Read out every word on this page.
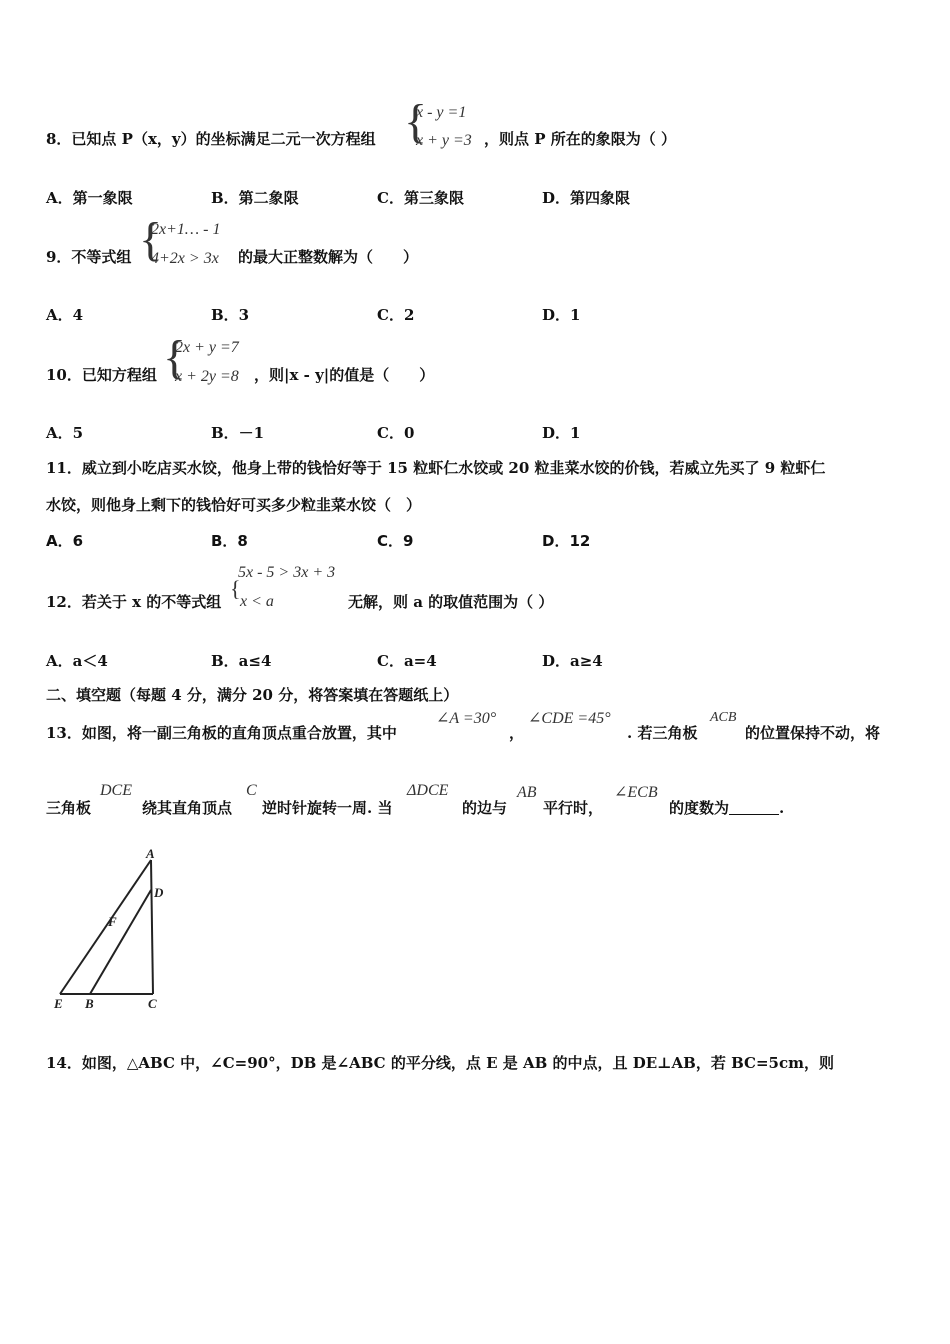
8．已知点 P（x，y）的坐标满足二元一次方程组 {
x - y =1
x + y =3 ，则点 P 所在的象限为（ ）
A．第一象限	B．第二象限	C．第三象限	D．第四象限
9．不等式组 {
2x+1… - 1
4+2x > 3x 的最大正整数解为（　　）
A．4	B．3	C．2	D．1
10．已知方程组 {
2x + y =7
x + 2y =8 ，则|x - y|的值是（　　）
A．5	B．－1	C．0	D．1
11．威立到小吃店买水饺，他身上带的钱恰好等于 15 粒虾仁水饺或 20 粒韭菜水饺的价钱，若威立先买了 9 粒虾仁
水饺，则他身上剩下的钱恰好可买多少粒韭菜水饺（　）
A．6	B．8	C．9	D．12
12．若关于 x 的不等式组
{
5x - 5 > 3x + 3
x < a	无解，则 a 的取值范围为（ ）
A．a＜4	B．a≤4	C．a=4	D．a≥4
二、填空题（每题 4 分，满分 20 分，将答案填在答题纸上）
13．如图，将一副三角板的直角顶点重合放置，其中
∠A =30°
，
∠CDE =45°
. 若三角板
ACB
的位置保持不动，将
三角板
DCE
绕其直角顶点
C
逆时针旋转一周. 当
ΔDCE
的边与
AB
平行时，
∠ECB
的度数为	.
A
D
F
E B	C
14．如图，△ABC 中，∠C=90°，DB 是∠ABC 的平分线，点 E 是 AB 的中点，且 DE⊥AB，若 BC=5cm，则
